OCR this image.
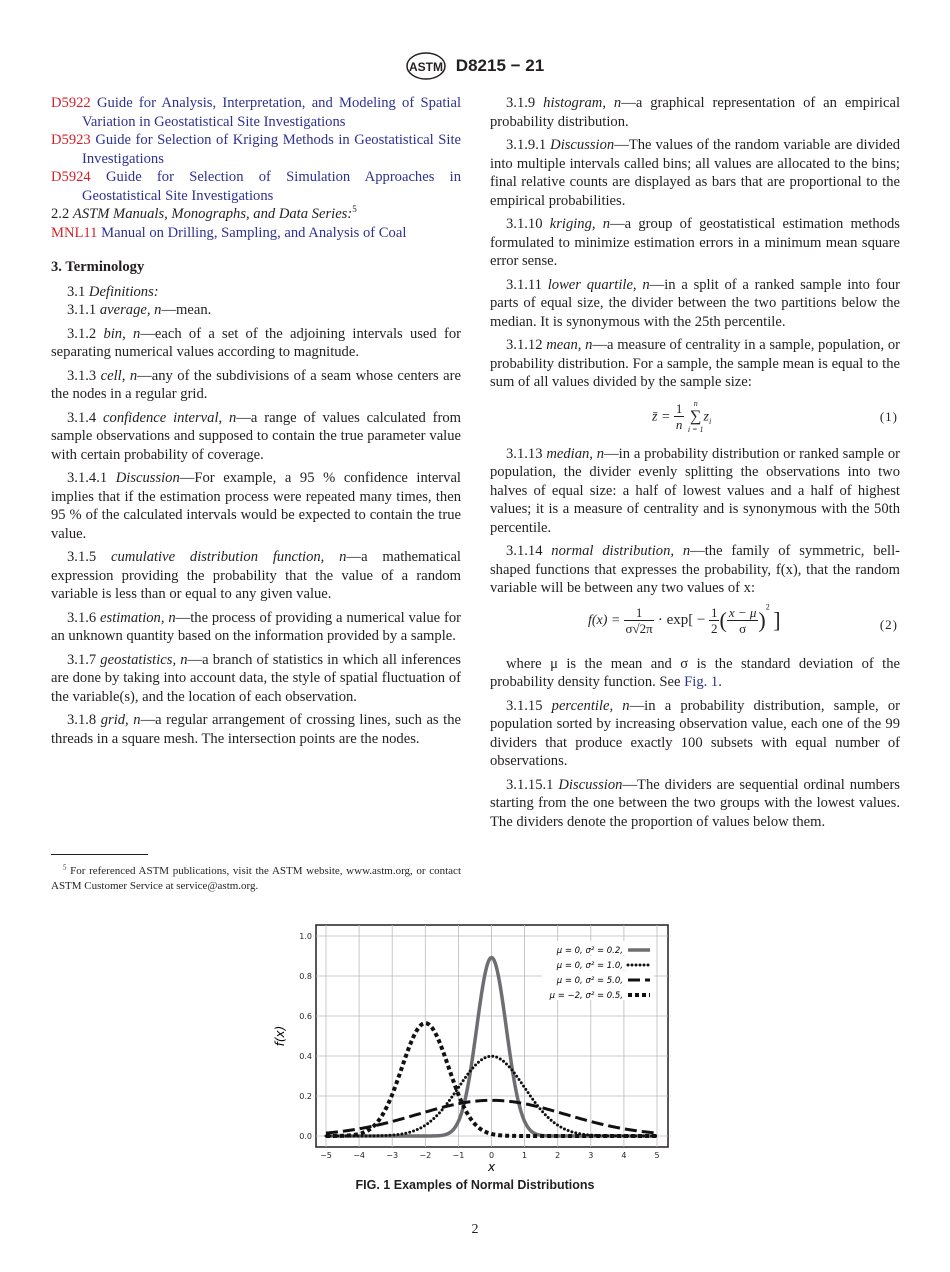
ASTM D8215 − 21
D5922 Guide for Analysis, Interpretation, and Modeling of Spatial Variation in Geostatistical Site Investigations
D5923 Guide for Selection of Kriging Methods in Geostatistical Site Investigations
D5924 Guide for Selection of Simulation Approaches in Geostatistical Site Investigations
2.2 ASTM Manuals, Monographs, and Data Series:$^5$
MNL11 Manual on Drilling, Sampling, and Analysis of Coal
3. Terminology

3.1 Definitions:

3.1.1 average, n—mean.

3.1.2 bin, n—each of a set of the adjoining intervals used for separating numerical values according to magnitude.

3.1.3 cell, n—any of the subdivisions of a seam whose centers are the nodes in a regular grid.

3.1.4 confidence interval, n—a range of values calculated from sample observations and supposed to contain the true parameter value with certain probability of coverage.

3.1.4.1 Discussion—For example, a 95 % confidence interval implies that if the estimation process were repeated many times, then 95 % of the calculated intervals would be expected to contain the true value.

3.1.5 cumulative distribution function, n—a mathematical expression providing the probability that the value of a random variable is less than or equal to any given value.

3.1.6 estimation, n—the process of providing a numerical value for an unknown quantity based on the information provided by a sample.

3.1.7 geostatistics, n—a branch of statistics in which all inferences are done by taking into account data, the style of spatial fluctuation of the variable(s), and the location of each observation.

3.1.8 grid, n—a regular arrangement of crossing lines, such as the threads in a square mesh. The intersection points are the nodes.

$^5$ For referenced ASTM publications, visit the ASTM website, www.astm.org, or contact ASTM Customer Service at service@astm.org.

3.1.9 histogram, n—a graphical representation of an empirical probability distribution.

3.1.9.1 Discussion—The values of the random variable are divided into multiple intervals called bins; all values are allocated to the bins; final relative counts are displayed as bars that are proportional to the empirical probabilities.

3.1.10 kriging, n—a group of geostatistical estimation methods formulated to minimize estimation errors in a minimum mean square error sense.

3.1.11 lower quartile, n—in a split of a ranked sample into four parts of equal size, the divider between the two partitions below the median. It is synonymous with the 25th percentile.

3.1.12 mean, n—a measure of centrality in a sample, population, or probability distribution. For a sample, the sample mean is equal to the sum of all values divided by the sample size:

z̄ = $\frac{1}{n}$
n
∑
i = 1
$z_i$	(1)

3.1.13 median, n—in a probability distribution or ranked sample or population, the divider evenly splitting the observations into two halves of equal size: a half of lowest values and a half of highest values; it is a measure of centrality and is synonymous with the 50th percentile.

3.1.14 normal distribution, n—the family of symmetric, bell-shaped functions that expresses the probability, f(x), that the random variable will be between any two values of x:

$f(x) = \frac{1}{\sigma√2\pi} \cdot \exp[ - \frac{1}{2}$ ( $\frac{x - \mu}{\sigma} )^2$ ]	(2)

where μ is the mean and σ is the standard deviation of the probability density function. See Fig. 1.

3.1.15 percentile, n—in a probability distribution, sample, or population sorted by increasing observation value, each one of the 99 dividers that produce exactly 100 subsets with equal number of observations.

3.1.15.1 Discussion—The dividers are sequential ordinal numbers starting from the one between the two groups with the lowest values. The dividers denote the proportion of values below them.

−5	−4	−3	−2	−1	0	1	2	3	4	5
0.0
0.2
0.4
0.6
0.8
1.0
x
f(x)
μ = 0, σ² = 0.2,
μ = 0, σ² = 1.0,
μ = 0, σ² = 5.0,
μ = −2, σ² = 0.5,
FIG. 1 Examples of Normal Distributions
2
